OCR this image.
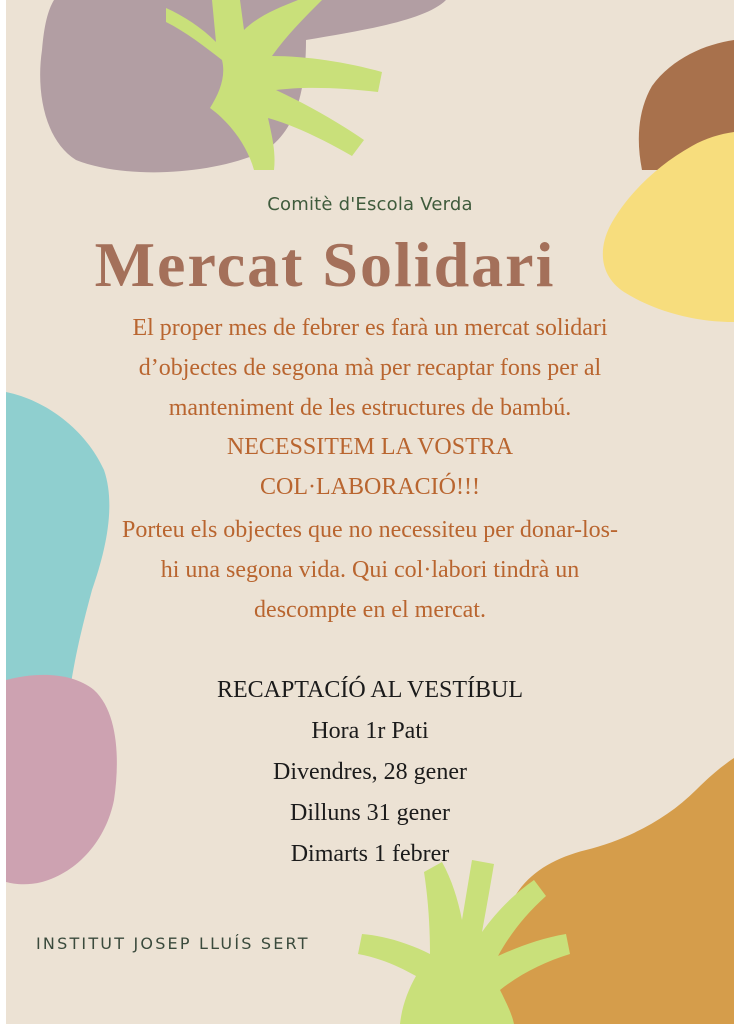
Comitè d'Escola Verda

Mercat Solidari
El proper mes de febrer es farà un mercat solidari
d’objectes de segona mà per recaptar fons per al
manteniment de les estructures de bambú.
NECESSITEM LA VOSTRA
COL·LABORACIÓ!!!
Porteu els objectes que no necessiteu per donar-los-
hi una segona vida. Qui col·labori tindrà un
descompte en el mercat.
RECAPTACÍÓ AL VESTÍBUL
Hora 1r Pati
Divendres, 28 gener
Dilluns 31 gener
Dimarts 1 febrer

INSTITUT JOSEP LLUÍS SERT
